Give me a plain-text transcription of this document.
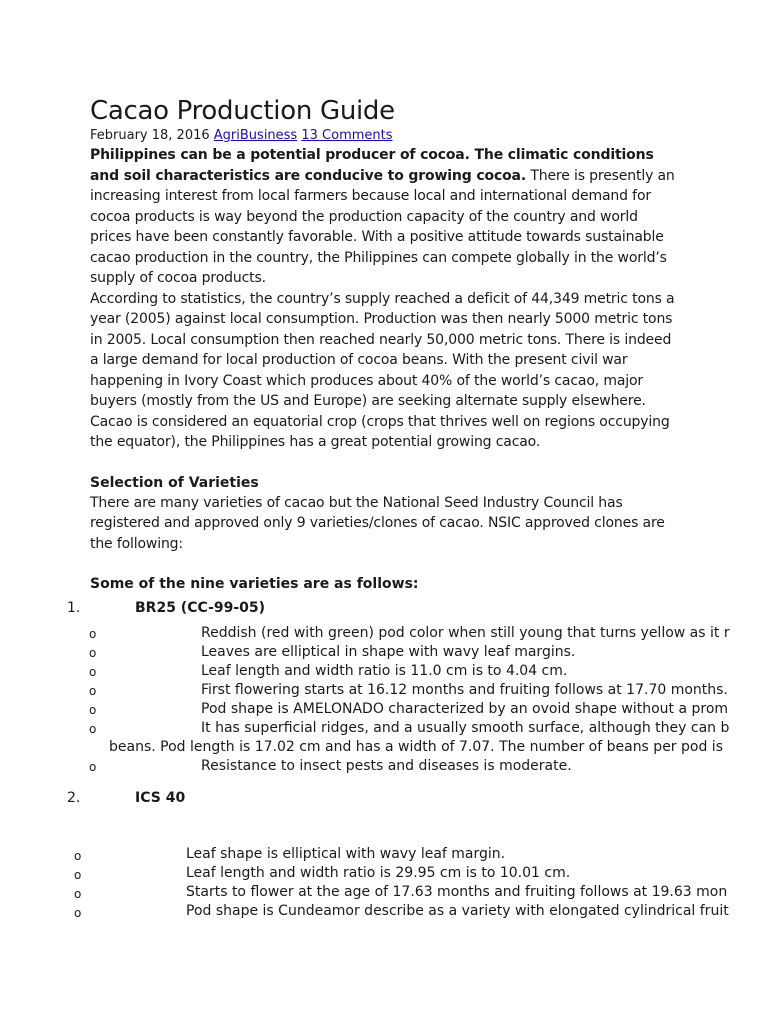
Cacao Production Guide
February 18, 2016 AgriBusiness 13 Comments

Philippines can be a potential producer of cocoa. The climatic conditions and soil characteristics are conducive to growing cocoa. There is presently an increasing interest from local farmers because local and international demand for cocoa products is way beyond the production capacity of the country and world prices have been constantly favorable. With a positive attitude towards sustainable cacao production in the country, the Philippines can compete globally in the world’s supply of cocoa products.

According to statistics, the country’s supply reached a deficit of 44,349 metric tons a year (2005) against local consumption. Production was then nearly 5000 metric tons in 2005. Local consumption then reached nearly 50,000 metric tons. There is indeed a large demand for local production of cocoa beans. With the present civil war happening in Ivory Coast which produces about 40% of the world’s cacao, major buyers (mostly from the US and Europe) are seeking alternate supply elsewhere. Cacao is considered an equatorial crop (crops that thrives well on regions occupying the equator), the Philippines has a great potential growing cacao.

Selection of Varieties

There are many varieties of cacao but the National Seed Industry Council has registered and approved only 9 varieties/clones of cacao. NSIC approved clones are the following:

Some of the nine varieties are as follows:
1.	BR25 (CC-99-05)
o	Reddish (red with green) pod color when still young that turns yellow as it r
o	Leaves are elliptical in shape with wavy leaf margins.
o	Leaf length and width ratio is 11.0 cm is to 4.04 cm.
o	First flowering starts at 16.12 months and fruiting follows at 17.70 months.
o	Pod shape is AMELONADO characterized by an ovoid shape without a prom
o	It has superficial ridges, and a usually smooth surface, although they can b
beans. Pod length is 17.02 cm and has a width of 7.07. The number of beans per pod is
o	Resistance to insect pests and diseases is moderate.
2.	ICS 40
o	Leaf shape is elliptical with wavy leaf margin.
o	Leaf length and width ratio is 29.95 cm is to 10.01 cm.
o	Starts to flower at the age of 17.63 months and fruiting follows at 19.63 mon
o	Pod shape is Cundeamor describe as a variety with elongated cylindrical fruit
